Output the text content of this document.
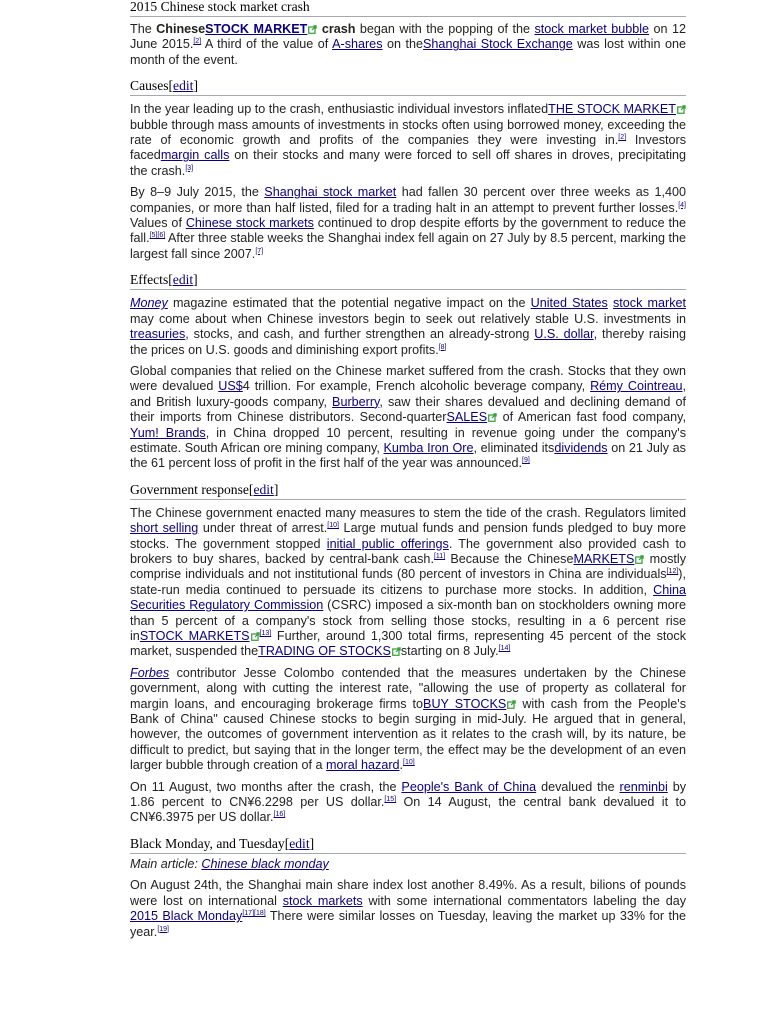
2015 Chinese stock market crash

The ChineseSTOCK MARKET crash began with the popping of the stock market bubble on 12 June 2015.[2] A third of the value of A-shares on theShanghai Stock Exchange was lost within one month of the event.

Causes[edit]

In the year leading up to the crash, enthusiastic individual investors inflatedTHE STOCK MARKET bubble through mass amounts of investments in stocks often using borrowed money, exceeding the rate of economic growth and profits of the companies they were investing in.[2] Investors facedmargin calls on their stocks and many were forced to sell off shares in droves, precipitating the crash.[3]

By 8–9 July 2015, the Shanghai stock market had fallen 30 percent over three weeks as 1,400 companies, or more than half listed, filed for a trading halt in an attempt to prevent further losses.[4] Values of Chinese stock markets continued to drop despite efforts by the government to reduce the fall.[5][6] After three stable weeks the Shanghai index fell again on 27 July by 8.5 percent, marking the largest fall since 2007.[7]

Effects[edit]

Money magazine estimated that the potential negative impact on the United States stock market may come about when Chinese investors begin to seek out relatively stable U.S. investments in treasuries, stocks, and cash, and further strengthen an already-strong U.S. dollar, thereby raising the prices on U.S. goods and diminishing export profits.[8]

Global companies that relied on the Chinese market suffered from the crash. Stocks that they own were devalued US$4 trillion. For example, French alcoholic beverage company, Rémy Cointreau, and British luxury-goods company, Burberry, saw their shares devalued and declining demand of their imports from Chinese distributors. Second-quarterSALES of American fast food company, Yum! Brands, in China dropped 10 percent, resulting in revenue going under the company's estimate. South African ore mining company, Kumba Iron Ore, eliminated itsdividends on 21 July as the 61 percent loss of profit in the first half of the year was announced.[9]

Government response[edit]

The Chinese government enacted many measures to stem the tide of the crash. Regulators limited short selling under threat of arrest.[10] Large mutual funds and pension funds pledged to buy more stocks. The government stopped initial public offerings. The government also provided cash to brokers to buy shares, backed by central-bank cash.[11] Because the ChineseMARKETS mostly comprise individuals and not institutional funds (80 percent of investors in China are individuals[12]), state-run media continued to persuade its citizens to purchase more stocks. In addition, China Securities Regulatory Commission (CSRC) imposed a six-month ban on stockholders owning more than 5 percent of a company's stock from selling those stocks, resulting in a 6 percent rise inSTOCK MARKETS [13] Further, around 1,300 total firms, representing 45 percent of the stock market, suspended theTRADING OF STOCKS starting on 8 July.[14]

Forbes contributor Jesse Colombo contended that the measures undertaken by the Chinese government, along with cutting the interest rate, "allowing the use of property as collateral for margin loans, and encouraging brokerage firms toBUY STOCKS with cash from the People's Bank of China" caused Chinese stocks to begin surging in mid-July. He argued that in general, however, the outcomes of government intervention as it relates to the crash will, by its nature, be difficult to predict, but saying that in the longer term, the effect may be the development of an even larger bubble through creation of a moral hazard.[10]

On 11 August, two months after the crash, the People's Bank of China devalued the renminbi by 1.86 percent to CN¥6.2298 per US dollar.[15] On 14 August, the central bank devalued it to CN¥6.3975 per US dollar.[16]

Black Monday, and Tuesday[edit]
Main article: Chinese black monday

On August 24th, the Shanghai main share index lost another 8.49%. As a result, bilions of pounds were lost on international stock markets with some international commentators labeling the day 2015 Black Monday[17][18] There were similar losses on Tuesday, leaving the market up 33% for the year.[19]
